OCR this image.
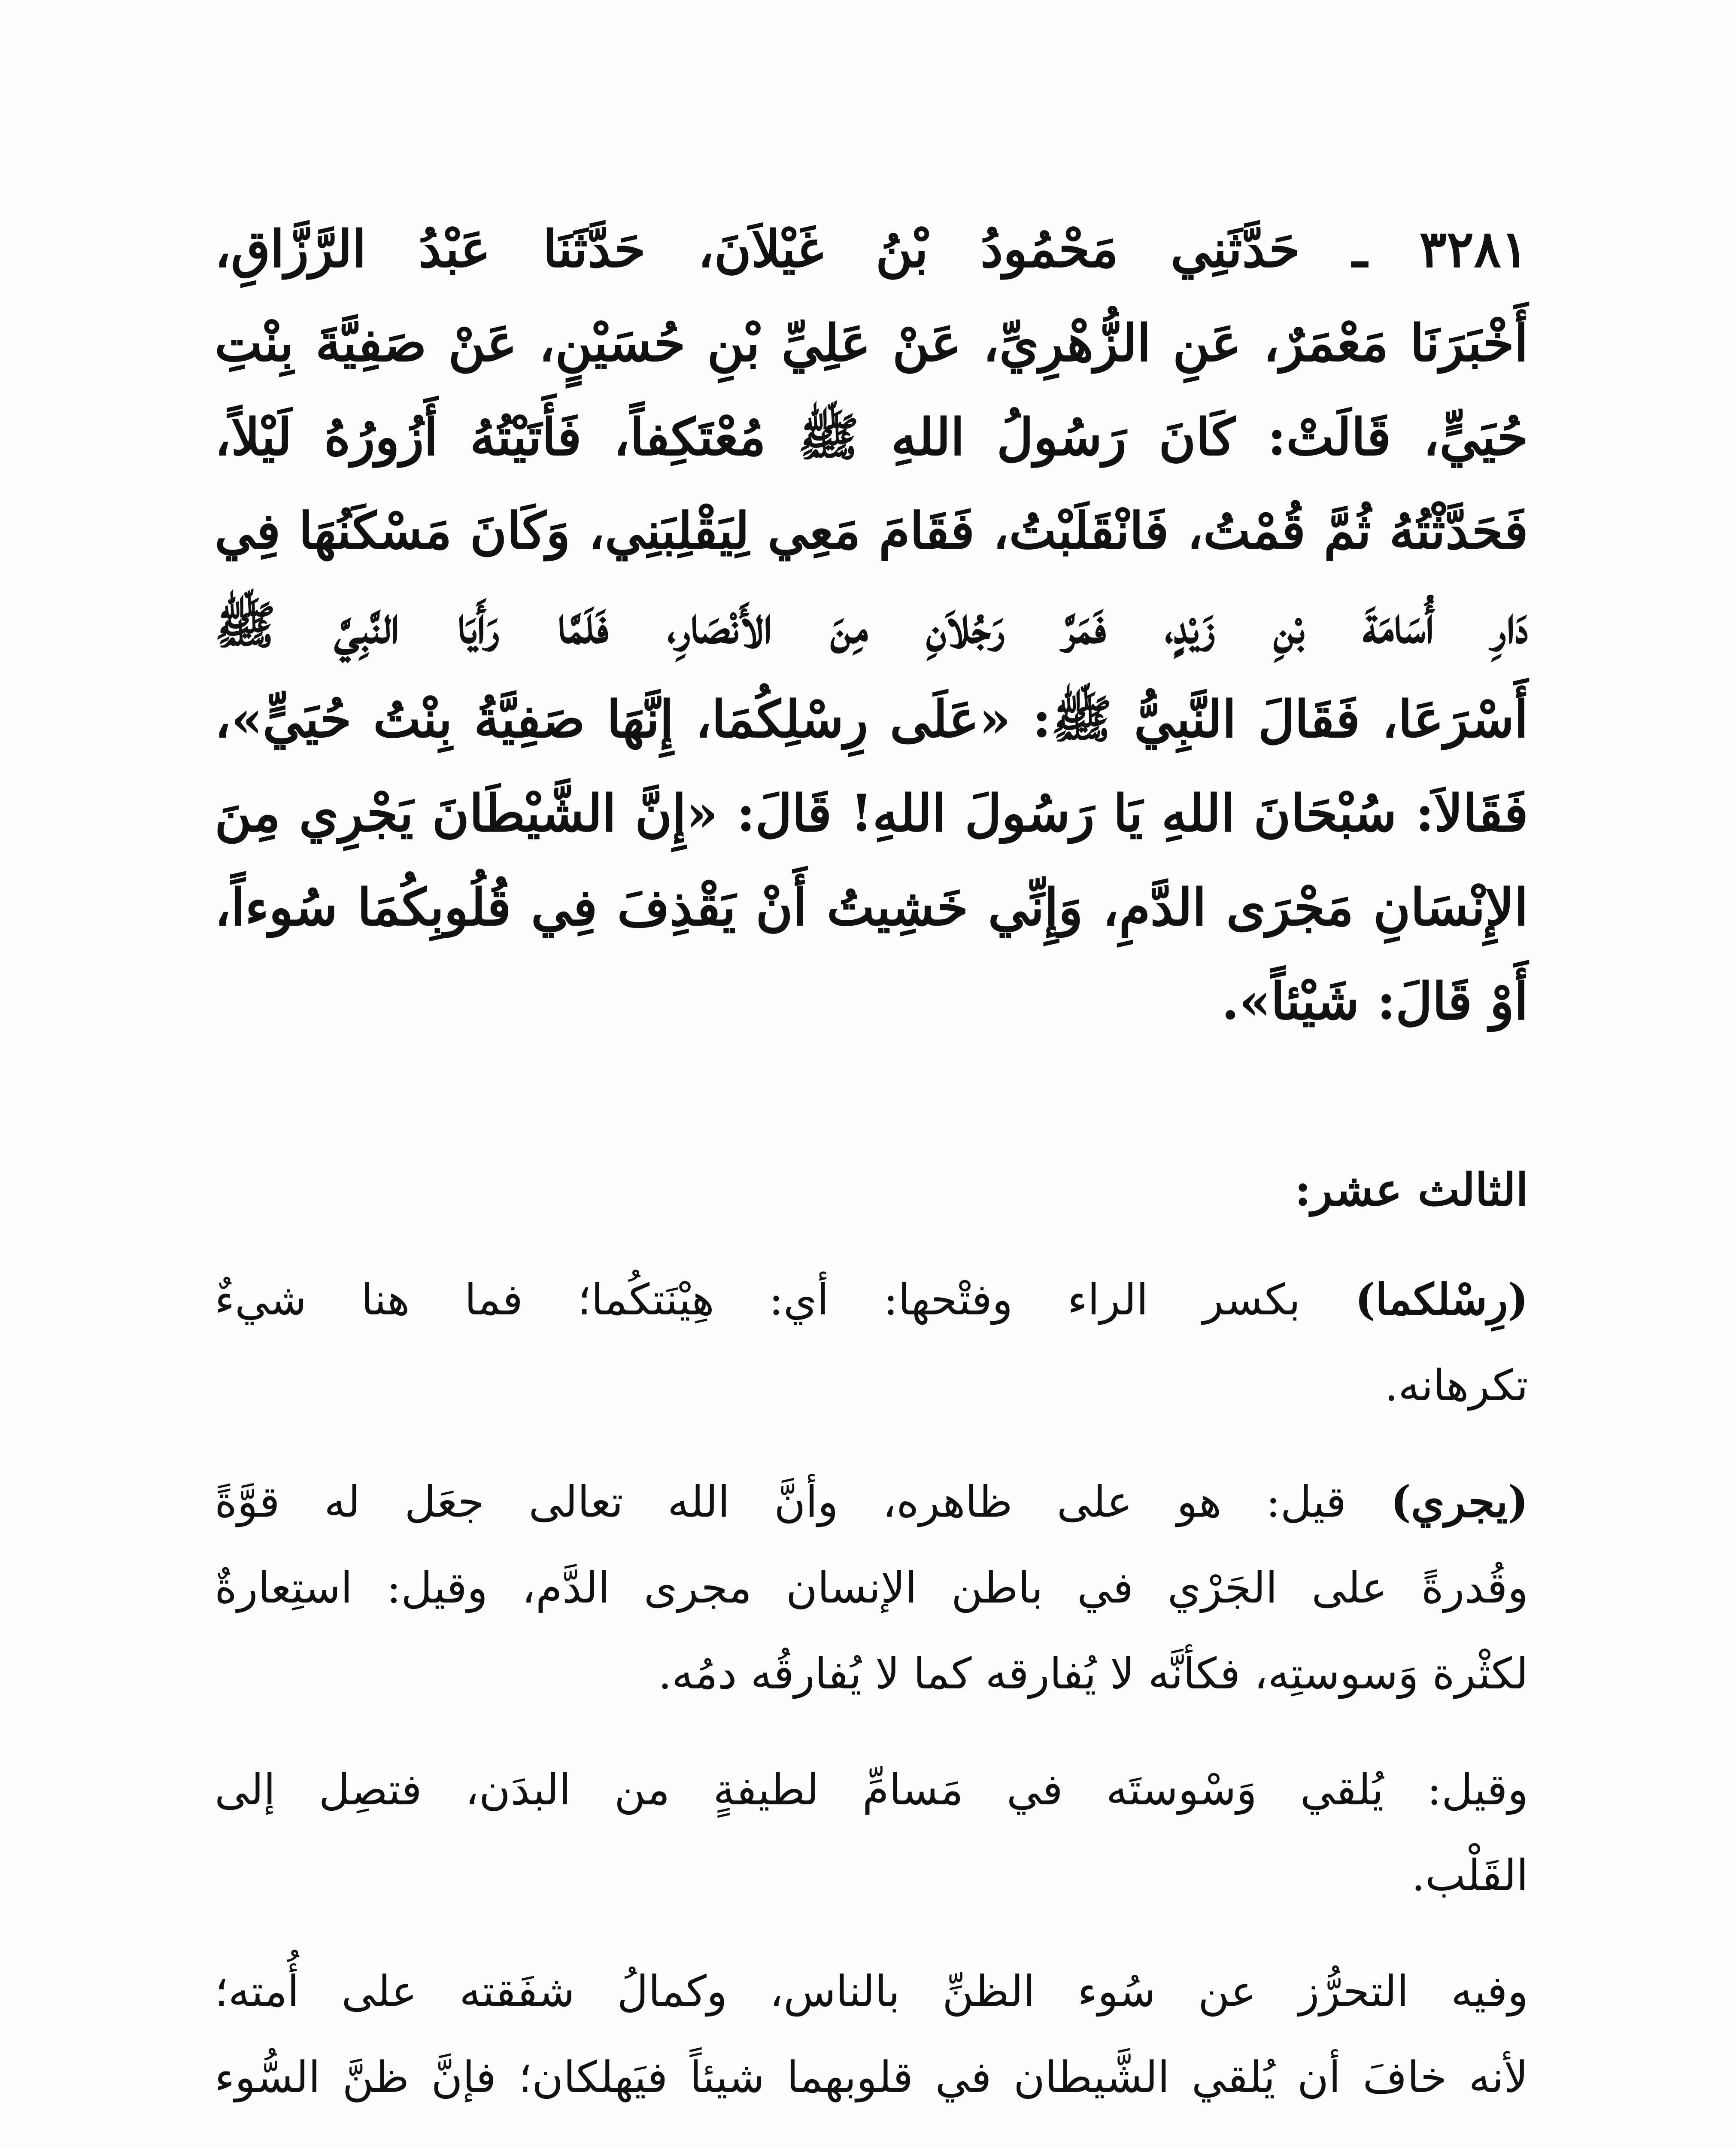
٣٢٨١ ـ حَدَّثَنِي مَحْمُودُ بْنُ غَيْلاَنَ، حَدَّثَنَا عَبْدُ الرَّزَّاقِ،
أَخْبَرَنَا مَعْمَرٌ، عَنِ الزُّهْرِيِّ، عَنْ عَلِيِّ بْنِ حُسَيْنٍ، عَنْ صَفِيَّةَ بِنْتِ
حُيَيٍّ، قَالَتْ: كَانَ رَسُولُ اللهِ ﷺ مُعْتَكِفاً، فَأَتَيْتُهُ أَزُورُهُ لَيْلاً،
فَحَدَّثْتُهُ ثُمَّ قُمْتُ، فَانْقَلَبْتُ، فَقَامَ مَعِي لِيَقْلِبَنِي، وَكَانَ مَسْكَنُهَا فِي
دَارِ أُسَامَةَ بْنِ زَيْدٍ، فَمَرَّ رَجُلاَنِ مِنَ الأَنْصَارِ، فَلَمَّا رَأَيَا النَّبِيَّ ﷺ
أَسْرَعَا، فَقَالَ النَّبِيُّ ﷺ: «عَلَى رِسْلِكُمَا، إِنَّهَا صَفِيَّةُ بِنْتُ حُيَيٍّ»،
فَقَالاَ: سُبْحَانَ اللهِ يَا رَسُولَ اللهِ! قَالَ: «إِنَّ الشَّيْطَانَ يَجْرِي مِنَ
الإِنْسَانِ مَجْرَى الدَّمِ، وَإِنِّي خَشِيتُ أَنْ يَقْذِفَ فِي قُلُوبِكُمَا سُوءاً،
أَوْ قَالَ: شَيْئاً».
الثالث عشر:
(رِسْلكما) بكسر الراء وفتْحها: أي: هِيْنَتكُما؛ فما هنا شيءٌ
تكرهانه.
(يجري) قيل: هو على ظاهره، وأنَّ الله تعالى جعَل له قوَّةً
وقُدرةً على الجَرْي في باطن الإنسان مجرى الدَّم، وقيل: استِعارةٌ
لكثْرة وَسوستِه، فكأنَّه لا يُفارقه كما لا يُفارقُه دمُه.
وقيل: يُلقي وَسْوستَه في مَسامِّ لطيفةٍ من البدَن، فتصِل إلى
القَلْب.
وفيه التحرُّز عن سُوء الظنِّ بالناس، وكمالُ شفَقته على أُمته؛
لأنه خافَ أن يُلقي الشَّيطان في قلوبهما شيئاً فيَهلكان؛ فإنَّ ظنَّ السُّوء
